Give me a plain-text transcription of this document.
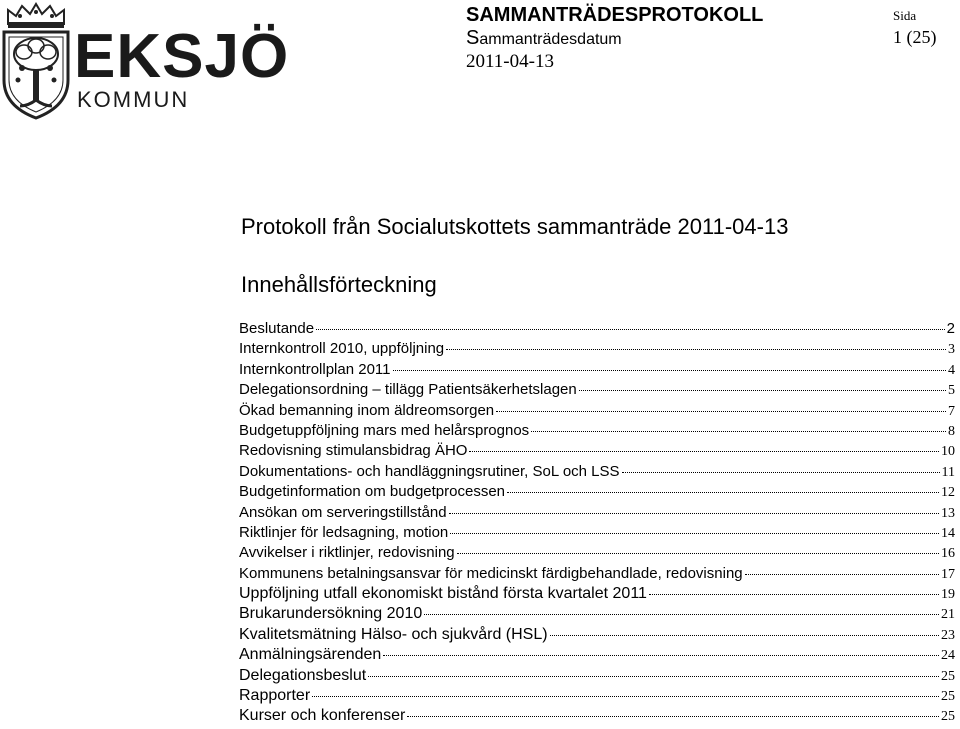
EKSJÖ
KOMMUN
SAMMANTRÄDESPROTOKOLL
Sammanträdesdatum
2011-04-13
Sida
1 (25)
Protokoll från Socialutskottets sammanträde 2011-04-13
Innehållsförteckning
Beslutande	2
Internkontroll 2010, uppföljning	3
Internkontrollplan 2011	4
Delegationsordning – tillägg Patientsäkerhetslagen	5
Ökad bemanning inom äldreomsorgen	7
Budgetuppföljning mars med helårsprognos	8
Redovisning stimulansbidrag ÄHO	10
Dokumentations- och handläggningsrutiner, SoL och LSS	11
Budgetinformation om budgetprocessen	12
Ansökan om serveringstillstånd	13
Riktlinjer för ledsagning, motion	14
Avvikelser i riktlinjer, redovisning	16
Kommunens betalningsansvar för medicinskt färdigbehandlade, redovisning	17
Uppföljning utfall ekonomiskt bistånd första kvartalet 2011	19
Brukarundersökning 2010	21
Kvalitetsmätning Hälso- och sjukvård (HSL)	23
Anmälningsärenden	24
Delegationsbeslut	25
Rapporter	25
Kurser och konferenser	25
